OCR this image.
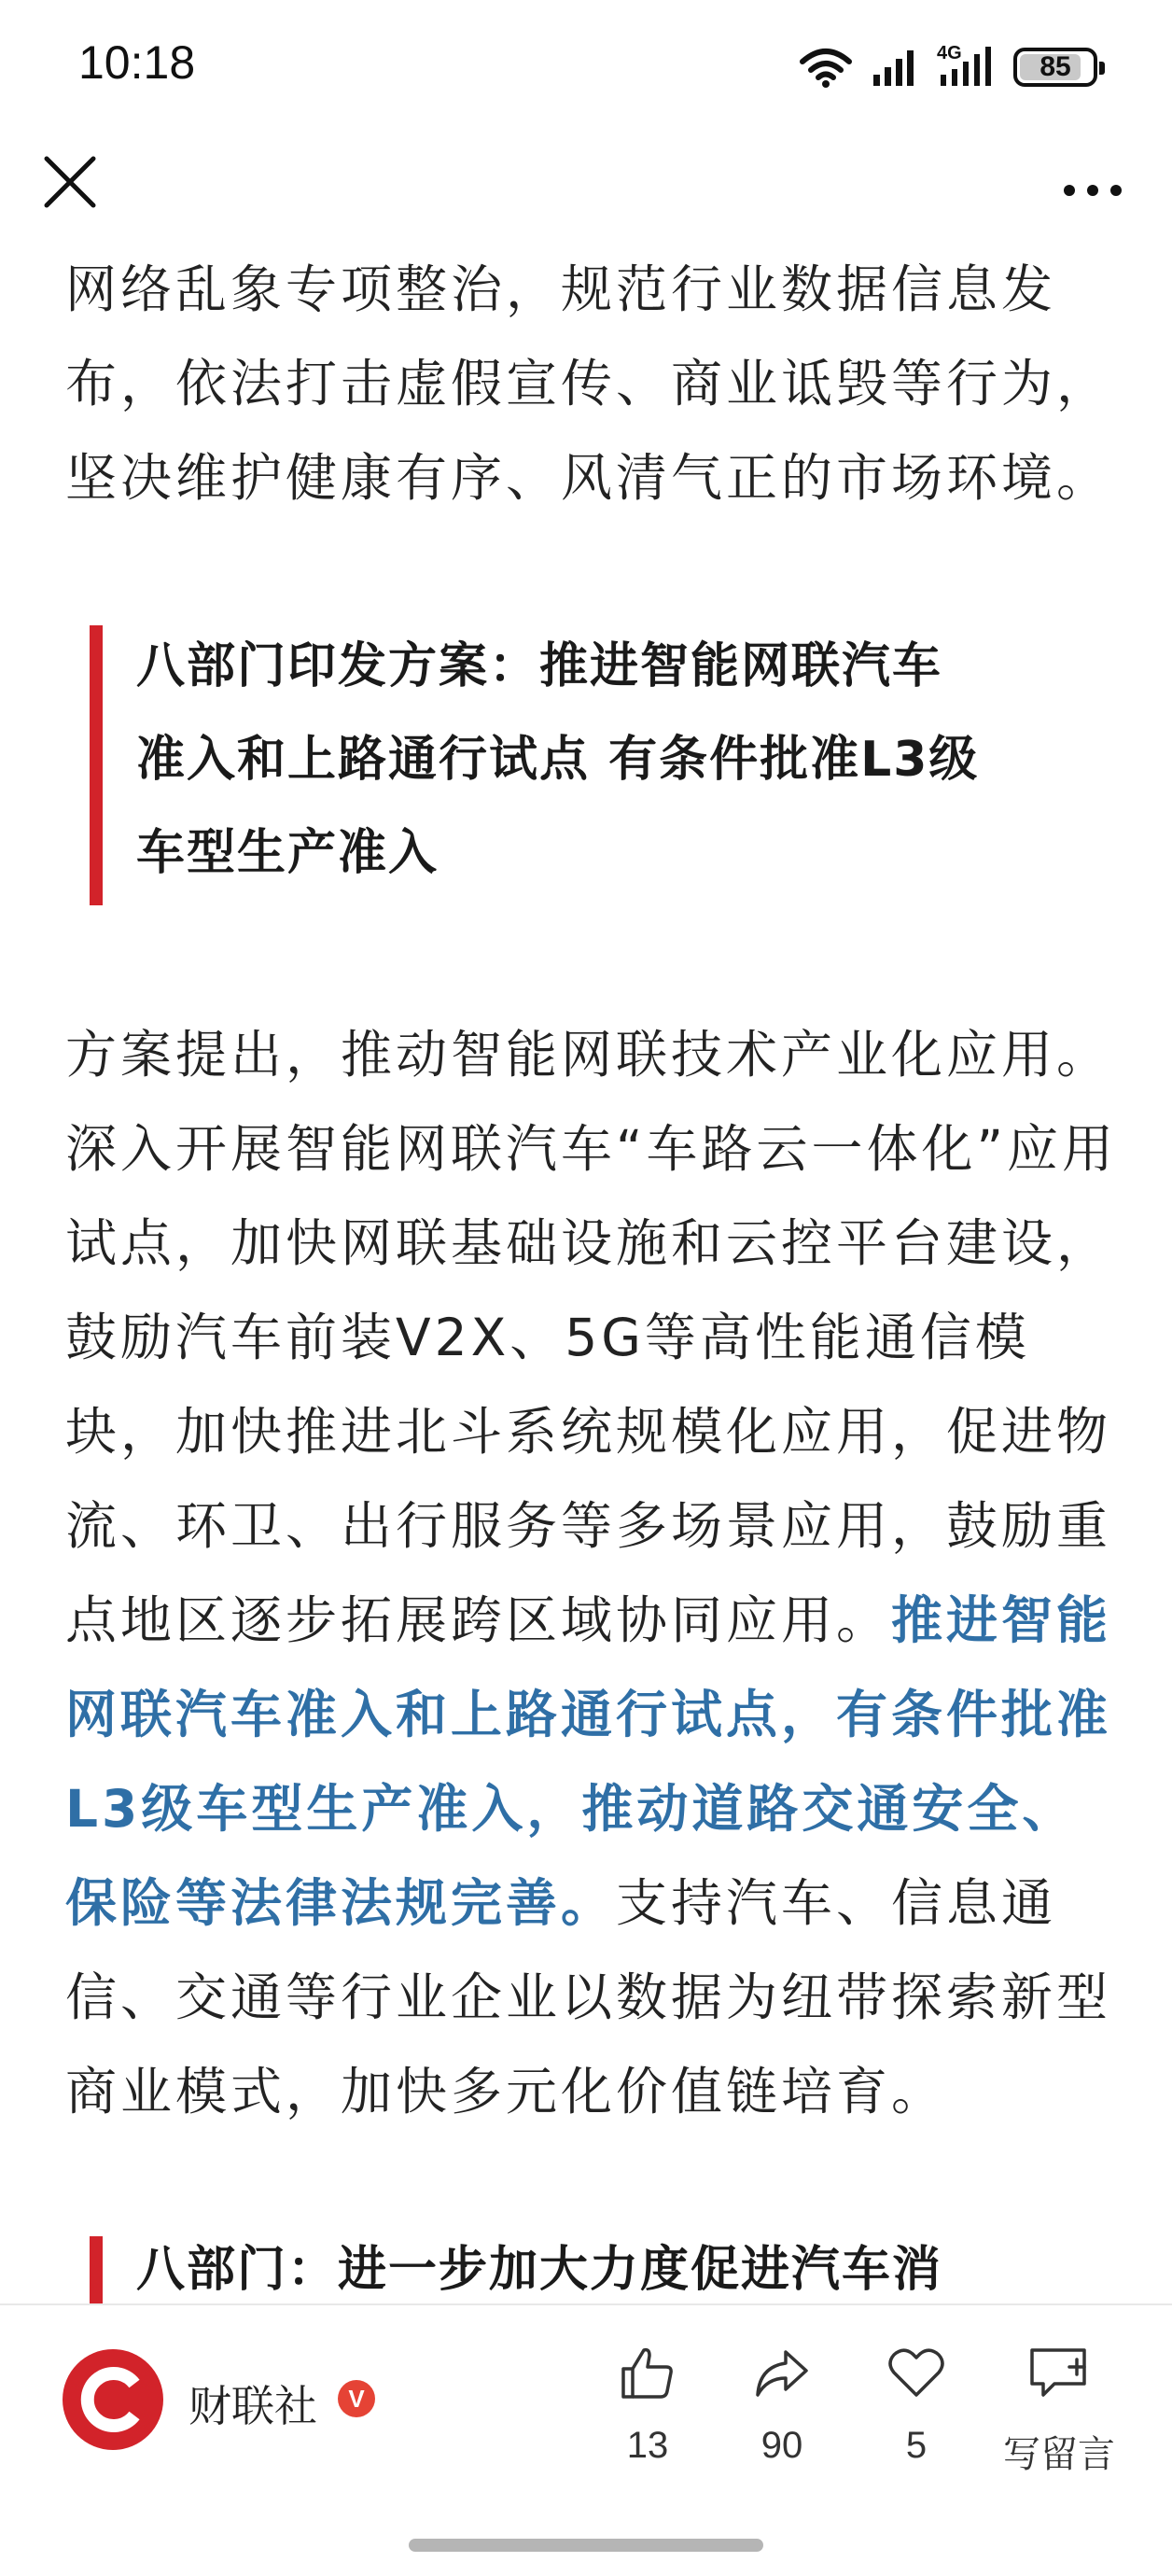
10:18	4G	85

网络乱象专项整治，规范行业数据信息发

布，依法打击虚假宣传、商业诋毁等行为，

坚决维护健康有序、风清气正的市场环境。

八部门印发方案：推进智能网联汽车
准入和上路通行试点 有条件批准L3级
车型生产准入

方案提出，推动智能网联技术产业化应用。

深入开展智能网联汽车“车路云一体化”应用

试点，加快网联基础设施和云控平台建设，

鼓励汽车前装V2X、5G等高性能通信模

块，加快推进北斗系统规模化应用，促进物

流、环卫、出行服务等多场景应用，鼓励重

点地区逐步拓展跨区域协同应用。推进智能

网联汽车准入和上路通行试点，有条件批准

L3级车型生产准入，推动道路交通安全、

保险等法律法规完善。支持汽车、信息通

信、交通等行业企业以数据为纽带探索新型

商业模式，加快多元化价值链培育。

八部门：进一步加大力度促进汽车消
财联社	V
13	90	5	写留言
